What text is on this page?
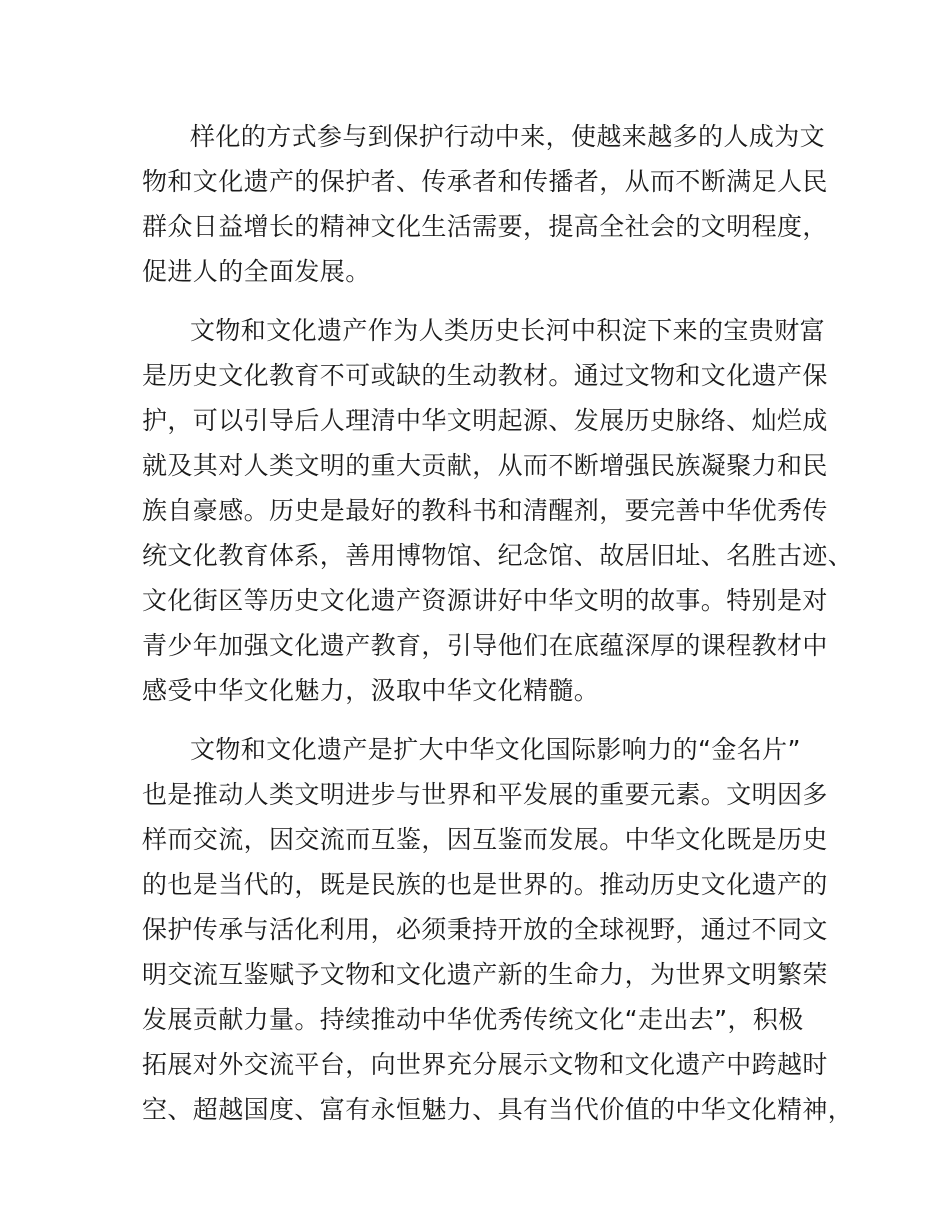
样化的方式参与到保护行动中来，使越来越多的人成为文
物和文化遗产的保护者、传承者和传播者，从而不断满足人民
群众日益增长的精神文化生活需要，提高全社会的文明程度，
促进人的全面发展。
文物和文化遗产作为人类历史长河中积淀下来的宝贵财富
是历史文化教育不可或缺的生动教材。通过文物和文化遗产保
护，可以引导后人理清中华文明起源、发展历史脉络、灿烂成
就及其对人类文明的重大贡献，从而不断增强民族凝聚力和民
族自豪感。历史是最好的教科书和清醒剂，要完善中华优秀传
统文化教育体系，善用博物馆、纪念馆、故居旧址、名胜古迹、
文化街区等历史文化遗产资源讲好中华文明的故事。特别是对
青少年加强文化遗产教育，引导他们在底蕴深厚的课程教材中
感受中华文化魅力，汲取中华文化精髓。
文物和文化遗产是扩大中华文化国际影响力的“金名片”
也是推动人类文明进步与世界和平发展的重要元素。文明因多
样而交流，因交流而互鉴，因互鉴而发展。中华文化既是历史
的也是当代的，既是民族的也是世界的。推动历史文化遗产的
保护传承与活化利用，必须秉持开放的全球视野，通过不同文
明交流互鉴赋予文物和文化遗产新的生命力，为世界文明繁荣
发展贡献力量。持续推动中华优秀传统文化“走出去”，积极
拓展对外交流平台，向世界充分展示文物和文化遗产中跨越时
空、超越国度、富有永恒魅力、具有当代价值的中华文化精神，
